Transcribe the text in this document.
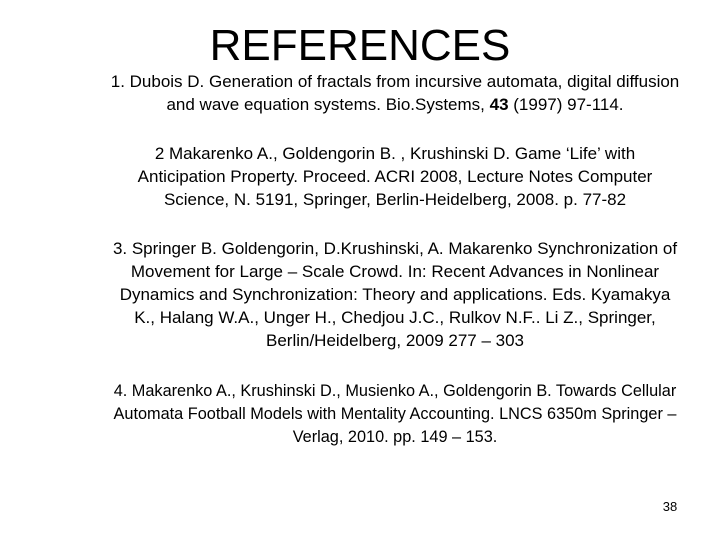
REFERENCES
1. Dubois D. Generation of fractals from incursive automata, digital diffusion and wave equation systems. Bio.Systems, 43 (1997) 97-114.
2 Makarenko A., Goldengorin B. , Krushinski D. Game ‘Life’ with Anticipation Property. Proceed. ACRI 2008, Lecture Notes Computer Science, N. 5191, Springer, Berlin-Heidelberg, 2008. p. 77-82
3. Springer B. Goldengorin, D.Krushinski, A. Makarenko Synchronization of Movement for Large – Scale Crowd. In: Recent Advances in Nonlinear Dynamics and Synchronization: Theory and applications. Eds. Kyamakya K., Halang W.A., Unger H., Chedjou J.C., Rulkov N.F.. Li Z., Springer, Berlin/Heidelberg, 2009 277 – 303
4. Makarenko A., Krushinski D., Musienko A., Goldengorin B. Towards Cellular Automata Football Models with Mentality Accounting. LNCS 6350m Springer – Verlag, 2010. pp. 149 – 153.
38
